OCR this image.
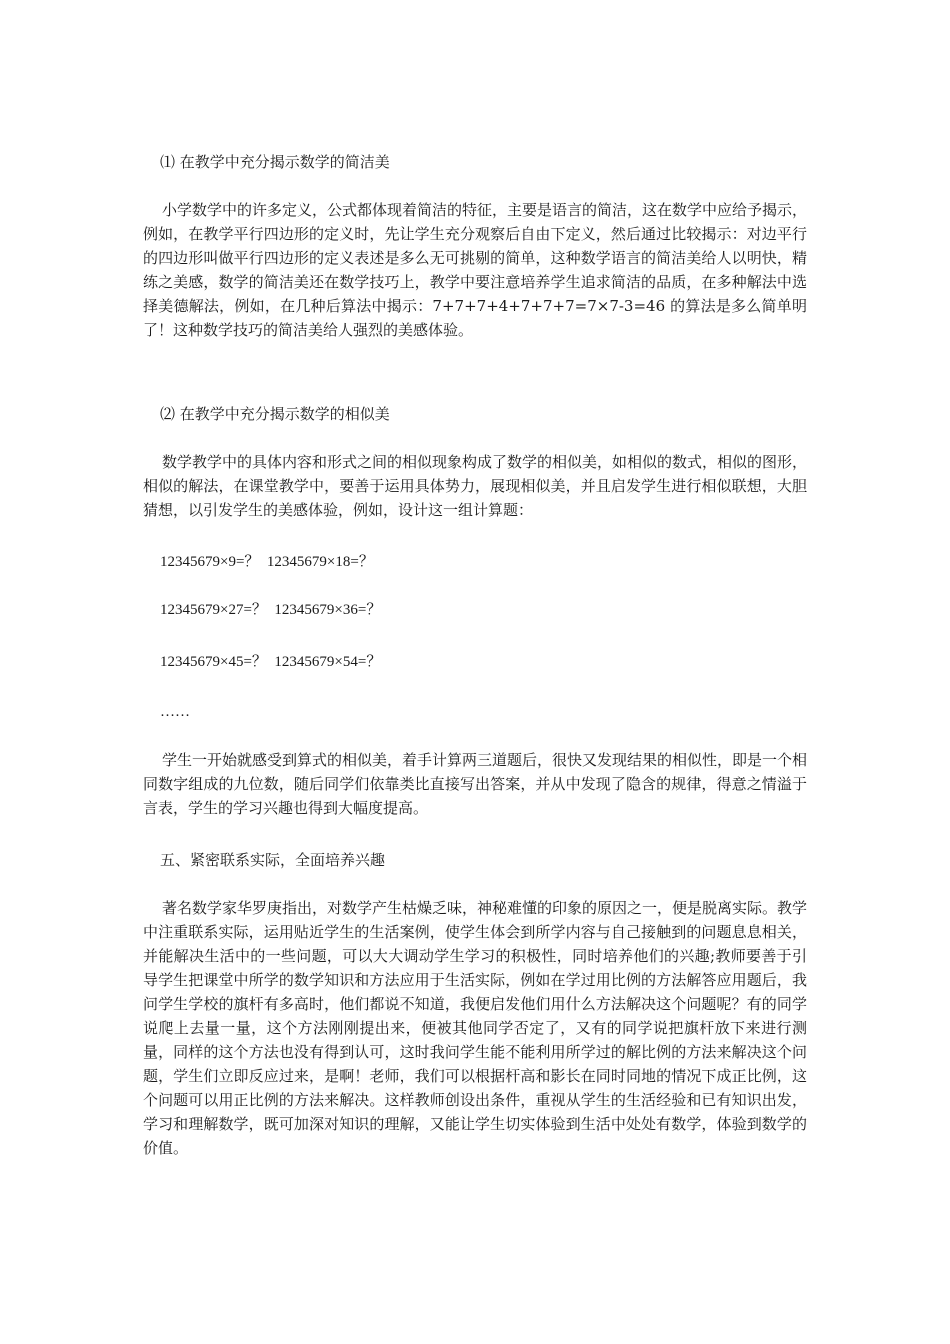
⑴ 在教学中充分揭示数学的简洁美
小学数学中的许多定义，公式都体现着简洁的特征，主要是语言的简洁，这在数学中应给予揭示，例如，在教学平行四边形的定义时，先让学生充分观察后自由下定义，然后通过比较揭示：对边平行的四边形叫做平行四边形的定义表述是多么无可挑剔的简单，这种数学语言的简洁美给人以明快，精练之美感，数学的简洁美还在数学技巧上，教学中要注意培养学生追求简洁的品质，在多种解法中选择美德解法，例如，在几种后算法中揭示：7+7+7+4+7+7+7=7×7-3=46 的算法是多么简单明了！这种数学技巧的简洁美给人强烈的美感体验。
⑵ 在教学中充分揭示数学的相似美
数学教学中的具体内容和形式之间的相似现象构成了数学的相似美，如相似的数式，相似的图形，相似的解法，在课堂教学中，要善于运用具体势力，展现相似美，并且启发学生进行相似联想，大胆猜想，以引发学生的美感体验，例如，设计这一组计算题：
12345679×9=？  12345679×18=？
12345679×27=？  12345679×36=？
12345679×45=？  12345679×54=？
……
学生一开始就感受到算式的相似美，着手计算两三道题后，很快又发现结果的相似性，即是一个相同数字组成的九位数，随后同学们依靠类比直接写出答案，并从中发现了隐含的规律，得意之情溢于言表，学生的学习兴趣也得到大幅度提高。
五、紧密联系实际，全面培养兴趣
著名数学家华罗庚指出，对数学产生枯燥乏味，神秘难懂的印象的原因之一，便是脱离实际。教学中注重联系实际，运用贴近学生的生活案例，使学生体会到所学内容与自己接触到的问题息息相关，并能解决生活中的一些问题，可以大大调动学生学习的积极性，同时培养他们的兴趣;教师要善于引导学生把课堂中所学的数学知识和方法应用于生活实际，例如在学过用比例的方法解答应用题后，我问学生学校的旗杆有多高时，他们都说不知道，我便启发他们用什么方法解决这个问题呢？有的同学说爬上去量一量，这个方法刚刚提出来，便被其他同学否定了，又有的同学说把旗杆放下来进行测量，同样的这个方法也没有得到认可，这时我问学生能不能利用所学过的解比例的方法来解决这个问题，学生们立即反应过来，是啊！老师，我们可以根据杆高和影长在同时同地的情况下成正比例，这个问题可以用正比例的方法来解决。这样教师创设出条件，重视从学生的生活经验和已有知识出发，学习和理解数学，既可加深对知识的理解，又能让学生切实体验到生活中处处有数学，体验到数学的价值。
